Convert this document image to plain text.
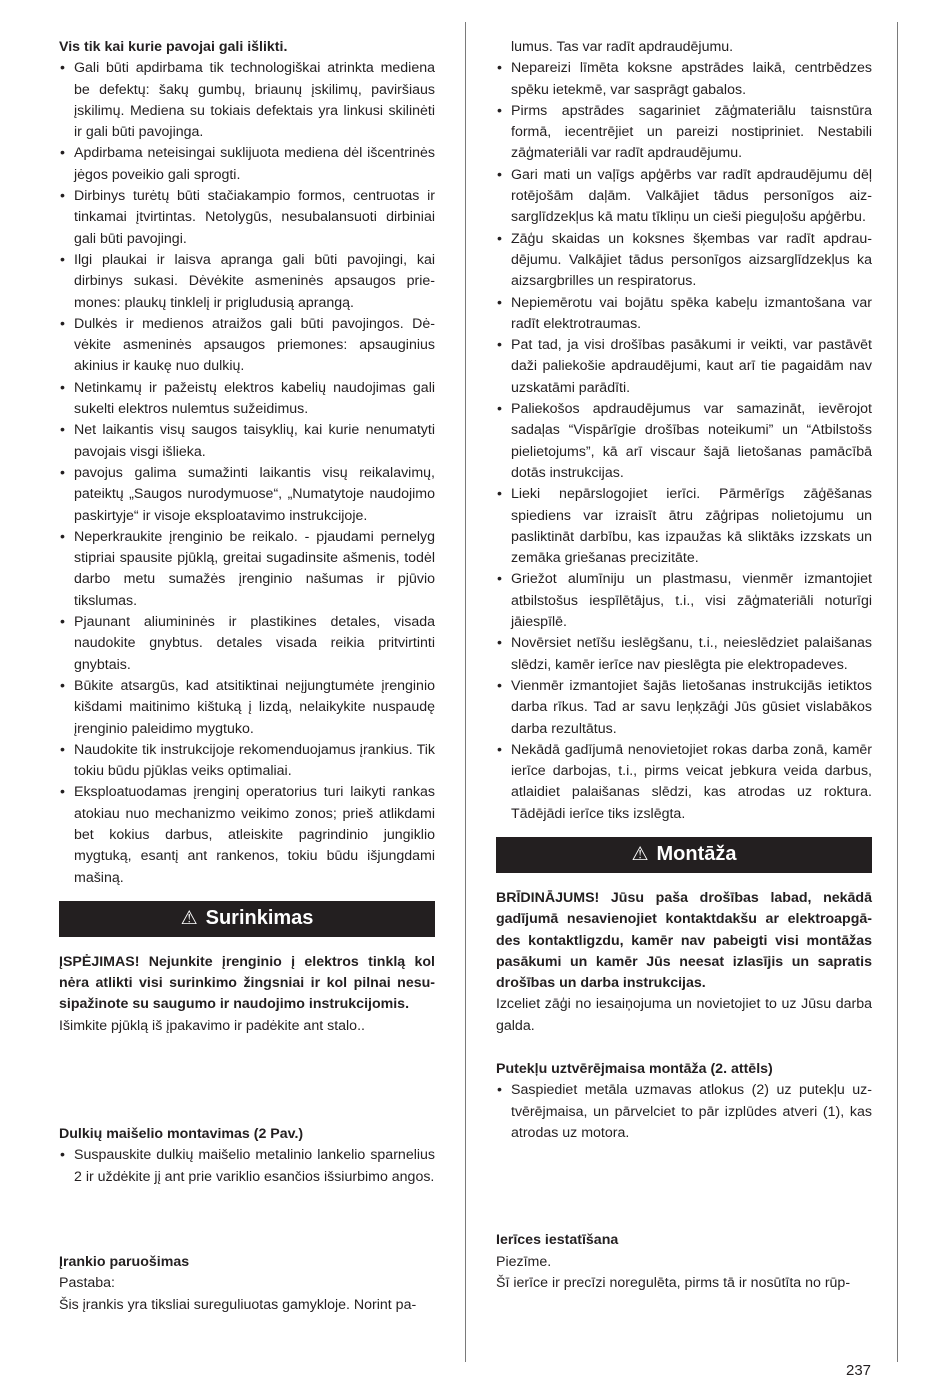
Vis tik kai kurie pavojai gali išlikti.

• Gali būti apdirbama tik technologiškai atrinkta mediena be defektų: šakų gumbų, briaunų įskilimų, paviršiaus įskilimų. Mediena su tokiais defektais yra linkusi skilinėti ir gali būti pavojinga.
• Apdirbama neteisingai suklijuota mediena dėl išcentrinės jėgos poveikio gali sprogti.
• Dirbinys turėtų būti stačiakampio formos, centruotas ir tinkamai įtvirtintas. Netolygūs, nesubalansuoti dirbiniai gali būti pavojingi.
• Ilgi plaukai ir laisva apranga gali būti pavojingi, kai dirbinys sukasi. Dėvėkite asmeninės apsaugos priemones: plaukų tinklelį ir prigludusią aprangą.
• Dulkės ir medienos atraižos gali būti pavojingos. Dėvėkite asmeninės apsaugos priemones: apsauginius akinius ir kaukę nuo dulkių.
• Netinkamų ir pažeistų elektros kabelių naudojimas gali sukelti elektros nulemtus sužeidimus.
• Net laikantis visų saugos taisyklių, kai kurie nenumatyti pavojais visgi išlieka.
• pavojus galima sumažinti laikantis visų reikalavimų, pateiktų „Saugos nurodymuose“, „Numatytoje naudojimo paskirtyje“ ir visoje eksploatavimo instrukcijoje.
• Neperkraukite įrenginio be reikalo. - pjaudami pernelyg stipriai spausite pjūklą, greitai sugadinsite ašmenis, todėl darbo metu sumažės įrenginio našumas ir pjūvio tikslumas.
• Pjaunant aliumininės ir plastikines detales, visada naudokite gnybtus. detales visada reikia pritvirtinti gnybtais.
• Būkite atsargūs, kad atsitiktinai neįjungtumėte įrenginio kišdami maitinimo kištuką į lizdą, nelaikykite nuspaudę įrenginio paleidimo mygtuko.
• Naudokite tik instrukcijoje rekomenduojamus įrankius. Tik tokiu būdu pjūklas veiks optimaliai.
• Eksploatuodamas įrenginį operatorius turi laikyti rankas atokiau nuo mechanizmo veikimo zonos; prieš atlikdami bet kokius darbus, atleiskite pagrindinio jungiklio mygtuką, esantį ant rankenos, tokiu būdu išjungdami mašiną.
⚠ Surinkimas

ĮSPĖJIMAS! Nejunkite įrenginio į elektros tinklą kol nėra atlikti visi surinkimo žingsniai ir kol pilnai nesusipažinote su saugumo ir naudojimo instrukcijomis.

Išimkite pjūklą iš įpakavimo ir padėkite ant stalo..

Dulkių maišelio montavimas (2 Pav.)

• Suspauskite dulkių maišelio metalinio lankelio sparnelius 2 ir uždėkite jį ant prie variklio esančios išsiurbimo angos.

Įrankio paruošimas

Pastaba:

Šis įrankis yra tiksliai sureguliuotas gamykloje. Norint pa-

lumus. Tas var radīt apdraudējumu.

• Nepareizi līmēta koksne apstrādes laikā, centrbēdzes spēku ietekmē, var sasprāgt gabalos.
• Pirms apstrādes sagariniet zāģmateriālu taisnstūra formā, iecentrējiet un pareizi nostipriniet. Nestabili zāģmateriāli var radīt apdraudējumu.
• Gari mati un vaļīgs apģērbs var radīt apdraudējumu dēļ rotējošām daļām. Valkājiet tādus personīgos aizsarglīdzekļus kā matu tīkliņu un cieši pieguļošu apģērbu.
• Zāģu skaidas un koksnes šķembas var radīt apdraudējumu. Valkājiet tādus personīgos aizsarglīdzekļus ka aizsargbrilles un respiratorus.
• Nepiemērotu vai bojātu spēka kabeļu izmantošana var radīt elektrotraumas.
• Pat tad, ja visi drošības pasākumi ir veikti, var pastāvēt daži paliekošie apdraudējumi, kaut arī tie pagaidām nav uzskatāmi parādīti.
• Paliekošos apdraudējumus var samazināt, ievērojot sadaļas “Vispārīgie drošības noteikumi” un “Atbilstošs pielietojums”, kā arī viscaur šajā lietošanas pamācībā dotās instrukcijas.
• Lieki nepārslogojiet ierīci. Pārmērīgs zāģēšanas spiediens var izraisīt ātru zāģripas nolietojumu un pasliktināt darbību, kas izpaužas kā sliktāks izzskats un zemāka griešanas precizitāte.
• Griežot alumīniju un plastmasu, vienmēr izmantojiet atbilstošus iespīlētājus, t.i., visi zāģmateriāli noturīgi jāiespīlē.
• Novērsiet netīšu ieslēgšanu, t.i., neieslēdziet palaišanas slēdzi, kamēr ierīce nav pieslēgta pie elektropadeves.
• Vienmēr izmantojiet šajās lietošanas instrukcijās ietiktos darba rīkus. Tad ar savu leņķzāģi Jūs gūsiet vislabākos darba rezultātus.
• Nekādā gadījumā nenovietojiet rokas darba zonā, kamēr ierīce darbojas, t.i., pirms veicat jebkura veida darbus, atlaidiet palaišanas slēdzi, kas atrodas uz roktura. Tādējādi ierīce tiks izslēgta.
⚠ Montāža

BRĪDINĀJUMS! Jūsu paša drošības labad, nekādā gadījumā nesavienojiet kontaktdakšu ar elektroapgādes kontaktligzdu, kamēr nav pabeigti visi montāžas pasākumi un kamēr Jūs neesat izlasījis un sapratis drošības un darba instrukcijas.

Izceliet zāģi no iesaiņojuma un novietojiet to uz Jūsu darba galda.

Putekļu uztvērējmaisa montāža (2. attēls)

• Saspiediet metāla uzmavas atlokus (2) uz putekļu uztvērējmaisa, un pārvelciet to pār izplūdes atveri (1), kas atrodas uz motora.

Ierīces iestatīšana

Piezīme.

Šī ierīce ir precīzi noregulēta, pirms tā ir nosūtīta no rūp-

237
